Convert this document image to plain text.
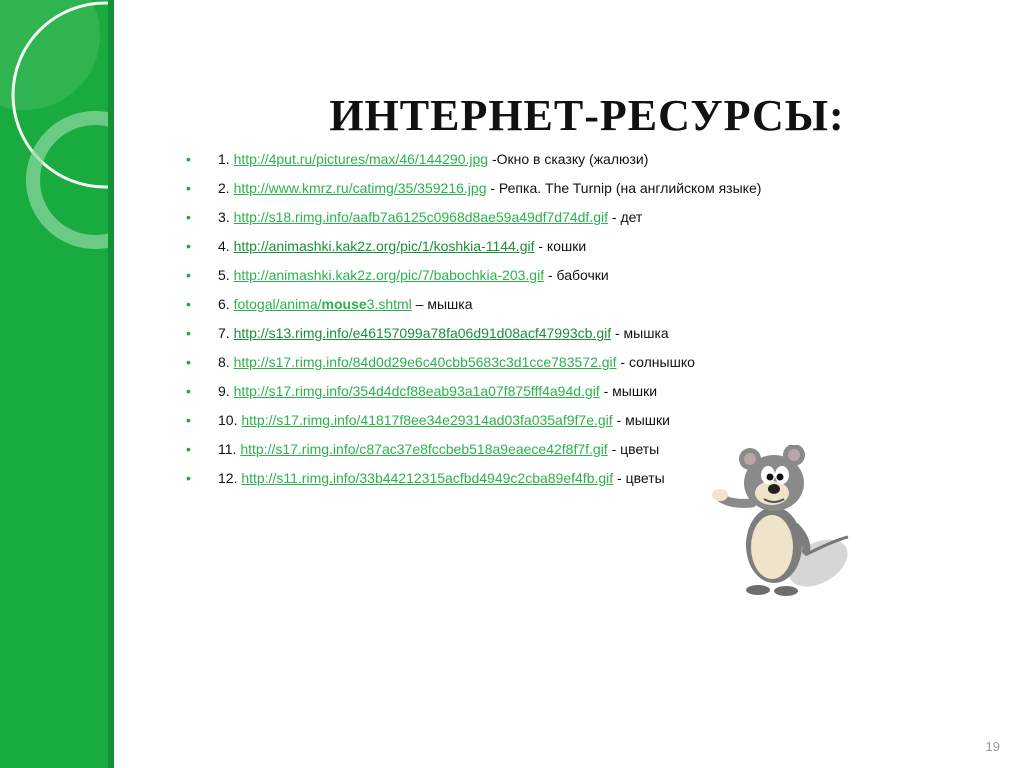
ИНТЕРНЕТ-РЕСУРСЫ:
• 1. http://4put.ru/pictures/max/46/144290.jpg -Окно в сказку (жалюзи)
• 2. http://www.kmrz.ru/catimg/35/359216.jpg - Репка. The Turnip (на английском языке)
• 3. http://s18.rimg.info/aafb7a6125c0968d8ae59a49df7d74df.gif - дет
• 4. http://animashki.kak2z.org/pic/1/koshkia-1144.gif - кошки
• 5. http://animashki.kak2z.org/pic/7/babochkia-203.gif - бабочки
• 6. fotogal/anima/mouse3.shtml – мышка
• 7. http://s13.rimg.info/e46157099a78fa06d91d08acf47993cb.gif - мышка
• 8. http://s17.rimg.info/84d0d29e6c40cbb5683c3d1cce783572.gif - солнышко
• 9. http://s17.rimg.info/354d4dcf88eab93a1a07f875fff4a94d.gif - мышки
• 10. http://s17.rimg.info/41817f8ee34e29314ad03fa035af9f7e.gif - мышки
• 11. http://s17.rimg.info/c87ac37e8fccbeb518a9eaece42f8f7f.gif - цветы
• 12. http://s11.rimg.info/33b44212315acfbd4949c2cba89ef4fb.gif - цветы
19
